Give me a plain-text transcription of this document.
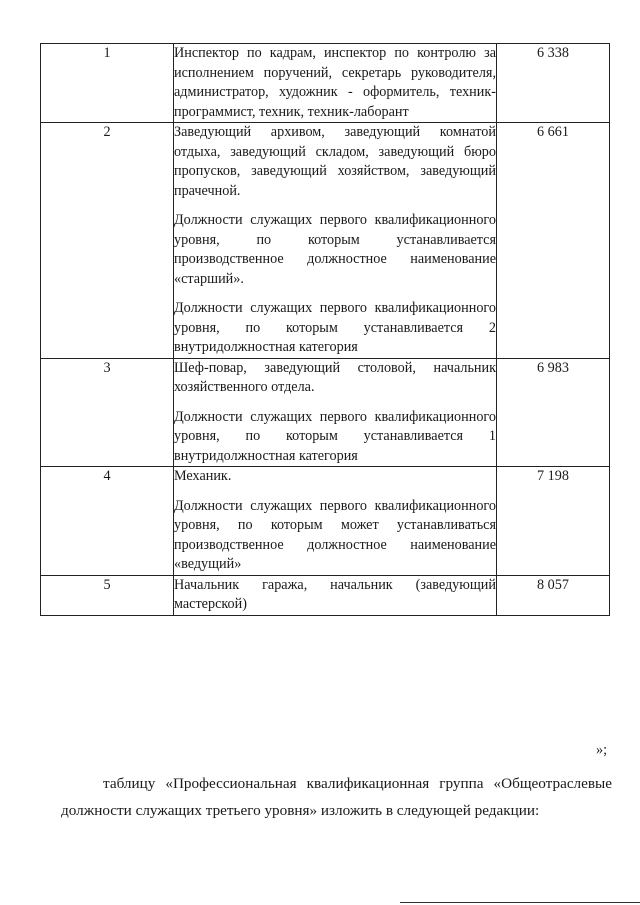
1	Инспектор по кадрам, инспектор по контролю за исполнением поручений, секретарь руководителя, администратор, художник - оформитель, техник-программист, техник, техник-лаборант	6 338
2	Заведующий архивом, заведующий комнатой отдыха, заведующий складом, заведующий бюро пропусков, заведующий хозяйством, заведующий прачечной.

Должности служащих первого квалификационного уровня, по которым устанавливается производственное должностное наименование «старший».

Должности служащих первого квалификационного уровня, по которым устанавливается 2 внутридолжностная категория	6 661
3	Шеф-повар, заведующий столовой, начальник хозяйственного отдела.

Должности служащих первого квалификационного уровня, по которым устанавливается 1 внутридолжностная категория	6 983
4	Механик.

Должности служащих первого квалификационного уровня, по которым может устанавливаться производственное должностное наименование «ведущий»	7 198
5	Начальник гаража, начальник (заведующий мастерской)	8 057
»;

таблицу «Профессиональная квалификационная группа «Общеотраслевые
должности служащих третьего уровня» изложить в следующей редакции:
